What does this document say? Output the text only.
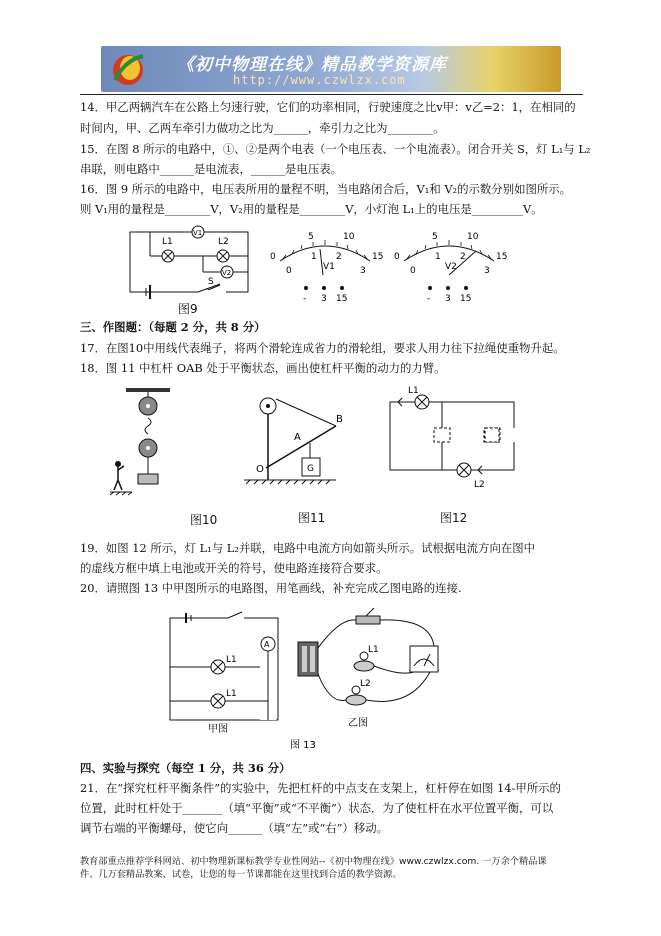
《初中物理在线》精品教学资源库
http://www.czwlzx.com
14．甲乙两辆汽车在公路上匀速行驶，它们的功率相同，行驶速度之比v甲：v乙=2：1，在相同的
时间内，甲、乙两车牵引力做功之比为______，牵引力之比为________。
15．在图 8 所示的电路中，①、②是两个电表（一个电压表、一个电流表）。闭合开关 S，灯 L₁与 L₂
串联，则电路中______是电流表，______是电压表。
16．图 9 所示的电路中，电压表所用的量程不明，当电路闭合后，V₁和 V₂的示数分别如图所示。
则 V₁用的量程是________V，V₂用的量程是________V，小灯泡 L₁上的电压是_________V。
L1	L2
V1
V2
S
图9
0
5	10
15
0
1 2
3
V1
- 3 15
0
5	10
15
0
1 2
3
V2
- 3 15
三、作图题：（每题 2 分，共 8 分）
17．在图10中用线代表绳子，将两个滑轮连成省力的滑轮组，要求人用力往下拉绳使重物升起。
18．图 11 中杠杆 OAB 处于平衡状态，画出使杠杆平衡的动力的力臂。
图10
G
B
A
O
图11
L1
L2
图12
19．如图 12 所示，灯 L₁与 L₂并联，电路中电流方向如箭头所示。试根据电流方向在图中
的虚线方框中填上电池或开关的符号，使电路连接符合要求。
20．请照图 13 中甲图所示的电路图，用笔画线，补充完成乙图电路的连接.
A
L1
L1
L1
L2
甲图
乙图
图 13
四、实验与探究（每空 1 分，共 36 分）
21．在“探究杠杆平衡条件”的实验中，先把杠杆的中点支在支架上，杠杆停在如图 14-甲所示的
位置，此时杠杆处于_______（填“平衡”或“不平衡”）状态．为了使杠杆在水平位置平衡，可以
调节右端的平衡螺母，使它向______（填“左”或“右”）移动。
教育部重点推荐学科网站、初中物理新课标教学专业性网站--《初中物理在线》www.czwlzx.com. 一万余个精品课
件、几万套精品教案、试卷，让您的每一节课都能在这里找到合适的教学资源。
